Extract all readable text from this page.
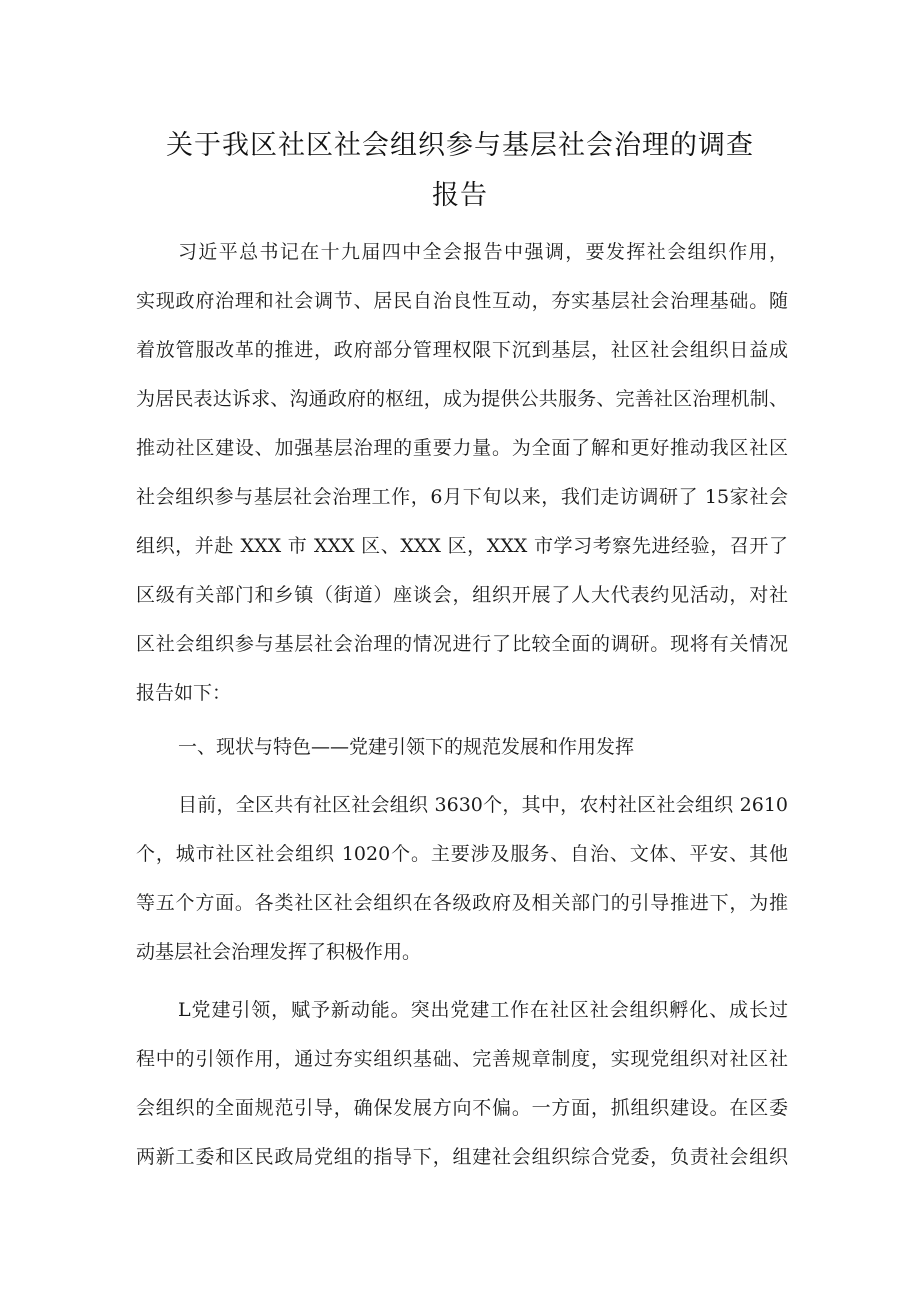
关于我区社区社会组织参与基层社会治理的调查
报告
习近平总书记在十九届四中全会报告中强调，要发挥社会组织作用，
实现政府治理和社会调节、居民自治良性互动，夯实基层社会治理基础。随
着放管服改革的推进，政府部分管理权限下沉到基层，社区社会组织日益成
为居民表达诉求、沟通政府的枢纽，成为提供公共服务、完善社区治理机制、
推动社区建设、加强基层治理的重要力量。为全面了解和更好推动我区社区
社会组织参与基层社会治理工作，6月下旬以来，我们走访调研了 15家社会
组织，并赴 XXX 市 XXX 区、XXX 区，XXX 市学习考察先进经验，召开了
区级有关部门和乡镇（街道）座谈会，组织开展了人大代表约见活动，对社
区社会组织参与基层社会治理的情况进行了比较全面的调研。现将有关情况
报告如下：
一、现状与特色——党建引领下的规范发展和作用发挥
目前，全区共有社区社会组织 3630个，其中，农村社区社会组织 2610
个，城市社区社会组织 1020个。主要涉及服务、自治、文体、平安、其他
等五个方面。各类社区社会组织在各级政府及相关部门的引导推进下，为推
动基层社会治理发挥了积极作用。
L党建引领，赋予新动能。突出党建工作在社区社会组织孵化、成长过
程中的引领作用，通过夯实组织基础、完善规章制度，实现党组织对社区社
会组织的全面规范引导，确保发展方向不偏。一方面，抓组织建设。在区委
两新工委和区民政局党组的指导下，组建社会组织综合党委，负责社会组织
